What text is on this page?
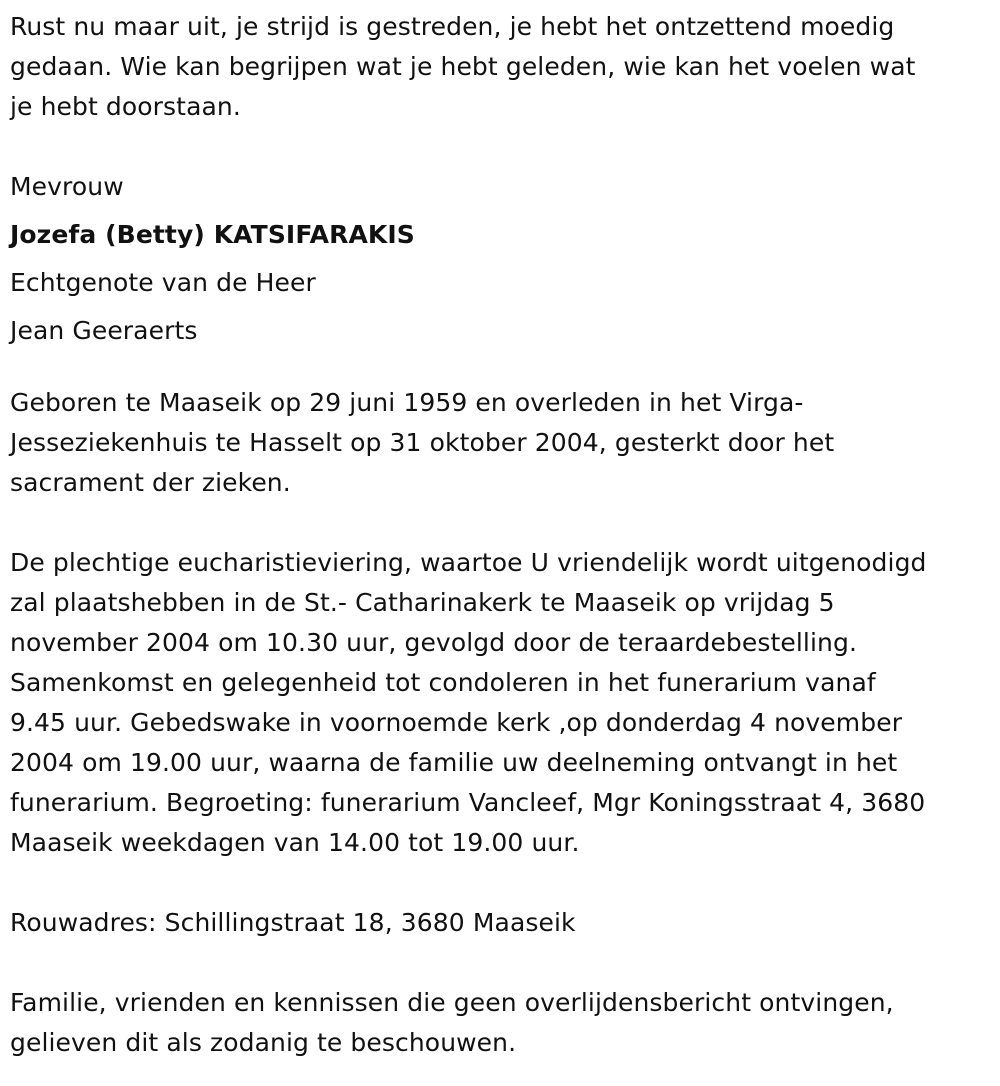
Rust nu maar uit, je strijd is gestreden, je hebt het ontzettend moedig
gedaan. Wie kan begrijpen wat je hebt geleden, wie kan het voelen wat
je hebt doorstaan.

Mevrouw

Jozefa (Betty) KATSIFARAKIS

Echtgenote van de Heer

Jean Geeraerts

Geboren te Maaseik op 29 juni 1959 en overleden in het Virga-
Jesseziekenhuis te Hasselt op 31 oktober 2004, gesterkt door het
sacrament der zieken.

De plechtige eucharistieviering, waartoe U vriendelijk wordt uitgenodigd
zal plaatshebben in de St.- Catharinakerk te Maaseik op vrijdag 5
november 2004 om 10.30 uur, gevolgd door de teraardebestelling.
Samenkomst en gelegenheid tot condoleren in het funerarium vanaf
9.45 uur. Gebedswake in voornoemde kerk ,op donderdag 4 november
2004 om 19.00 uur, waarna de familie uw deelneming ontvangt in het
funerarium. Begroeting: funerarium Vancleef, Mgr Koningsstraat 4, 3680
Maaseik weekdagen van 14.00 tot 19.00 uur.

Rouwadres: Schillingstraat 18, 3680 Maaseik

Familie, vrienden en kennissen die geen overlijdensbericht ontvingen,
gelieven dit als zodanig te beschouwen.
